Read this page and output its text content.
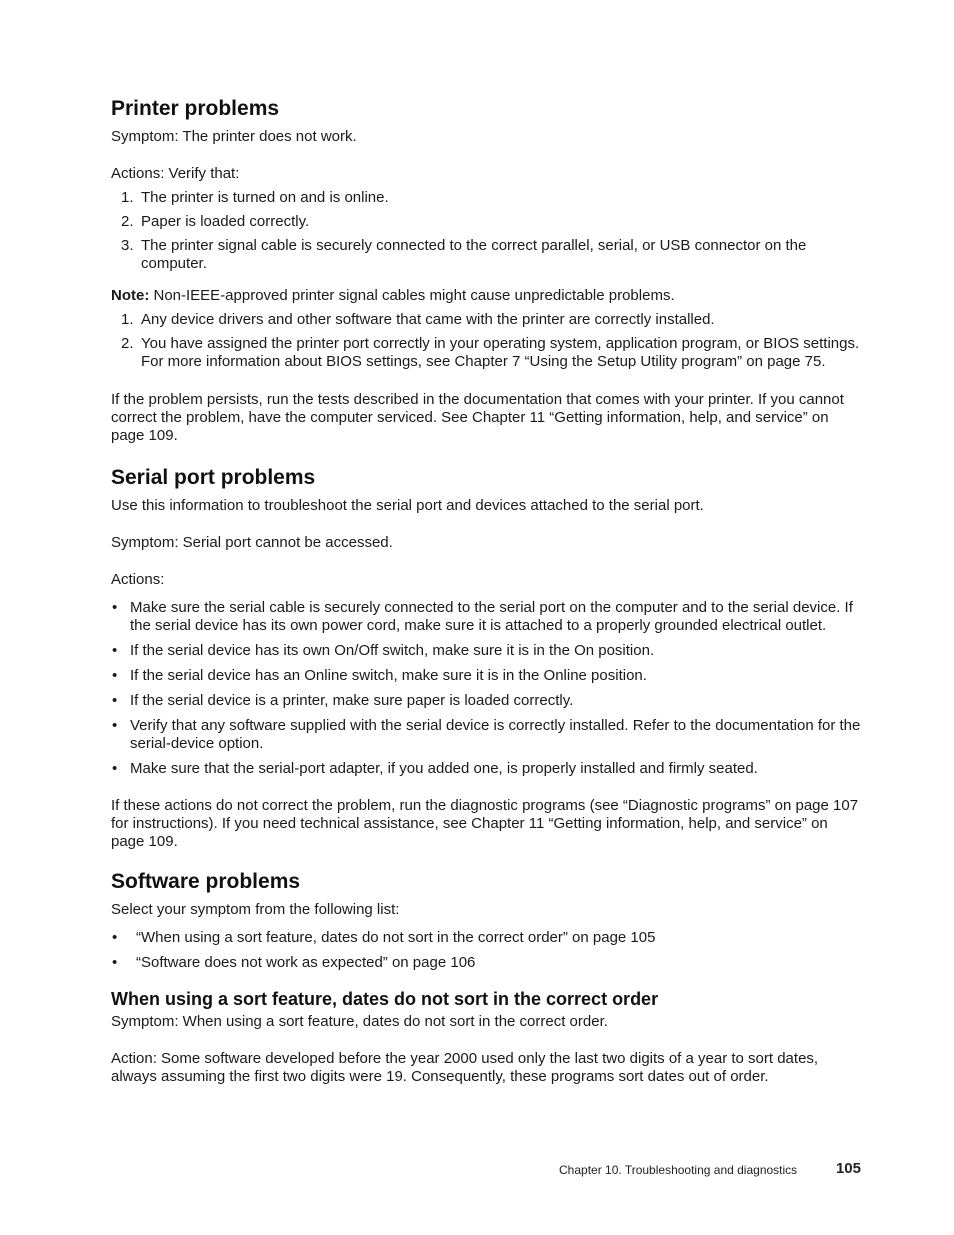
Printer problems

Symptom: The printer does not work.

Actions: Verify that:

1. The printer is turned on and is online.
2. Paper is loaded correctly.
3. The printer signal cable is securely connected to the correct parallel, serial, or USB connector on the computer.

Note: Non-IEEE-approved printer signal cables might cause unpredictable problems.

1. Any device drivers and other software that came with the printer are correctly installed.
2. You have assigned the printer port correctly in your operating system, application program, or BIOS settings. For more information about BIOS settings, see Chapter 7 “Using the Setup Utility program” on page 75.

If the problem persists, run the tests described in the documentation that comes with your printer. If you cannot correct the problem, have the computer serviced. See Chapter 11 “Getting information, help, and service” on page 109.

Serial port problems

Use this information to troubleshoot the serial port and devices attached to the serial port.

Symptom: Serial port cannot be accessed.

Actions:

• Make sure the serial cable is securely connected to the serial port on the computer and to the serial device. If the serial device has its own power cord, make sure it is attached to a properly grounded electrical outlet.
• If the serial device has its own On/Off switch, make sure it is in the On position.
• If the serial device has an Online switch, make sure it is in the Online position.
• If the serial device is a printer, make sure paper is loaded correctly.
• Verify that any software supplied with the serial device is correctly installed. Refer to the documentation for the serial-device option.
• Make sure that the serial-port adapter, if you added one, is properly installed and firmly seated.

If these actions do not correct the problem, run the diagnostic programs (see “Diagnostic programs” on page 107 for instructions). If you need technical assistance, see Chapter 11 “Getting information, help, and service” on page 109.

Software problems

Select your symptom from the following list:

• “When using a sort feature, dates do not sort in the correct order” on page 105
• “Software does not work as expected” on page 106
When using a sort feature, dates do not sort in the correct order

Symptom: When using a sort feature, dates do not sort in the correct order.

Action: Some software developed before the year 2000 used only the last two digits of a year to sort dates, always assuming the first two digits were 19. Consequently, these programs sort dates out of order.

Chapter 10. Troubleshooting and diagnostics	105
